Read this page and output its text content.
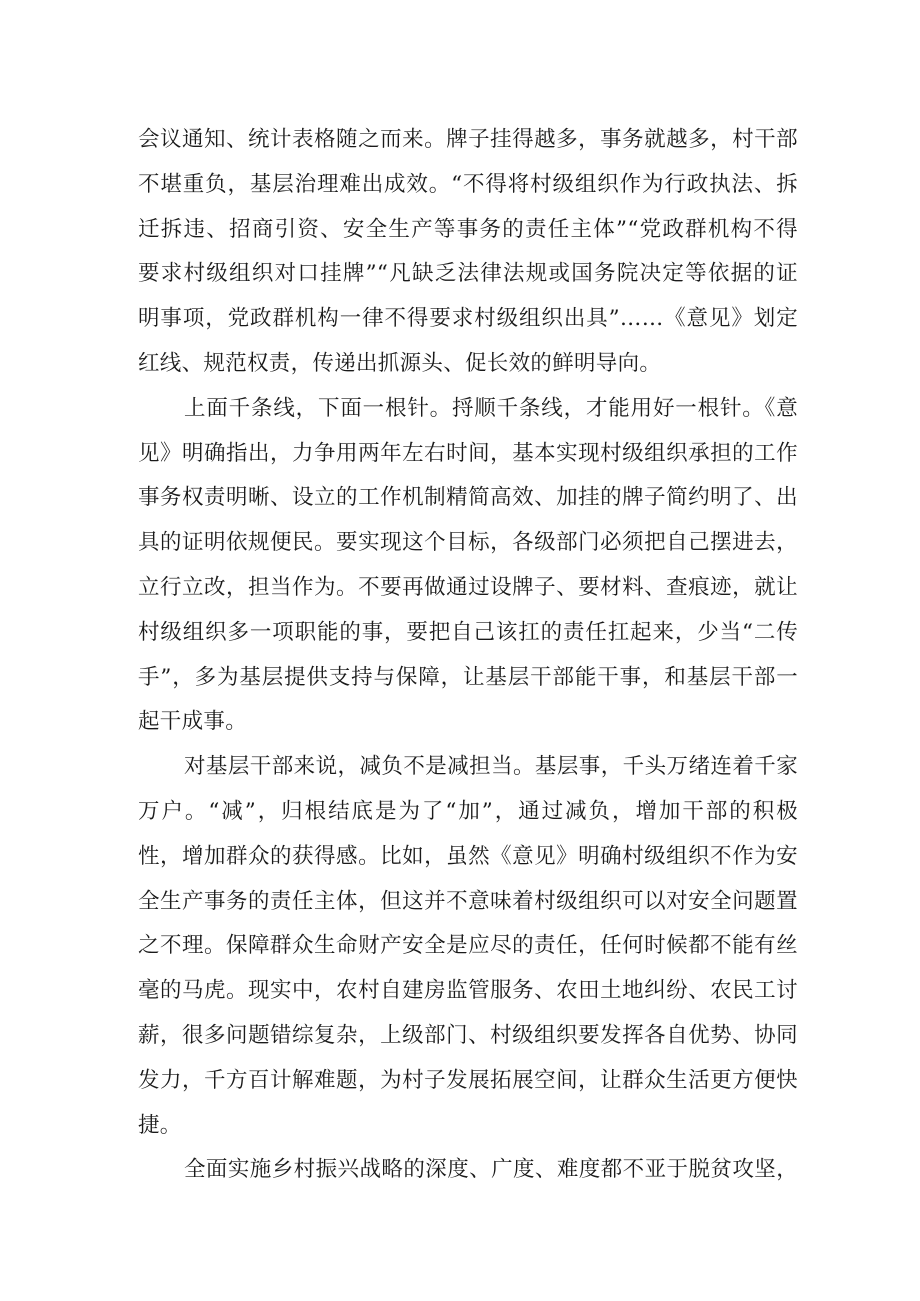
会议通知、统计表格随之而来。牌子挂得越多，事务就越多，村干部
不堪重负，基层治理难出成效。“不得将村级组织作为行政执法、拆
迁拆违、招商引资、安全生产等事务的责任主体”“党政群机构不得
要求村级组织对口挂牌”“凡缺乏法律法规或国务院决定等依据的证
明事项，党政群机构一律不得要求村级组织出具”……《意见》划定
红线、规范权责，传递出抓源头、促长效的鲜明导向。
上面千条线，下面一根针。捋顺千条线，才能用好一根针。《意
见》明确指出，力争用两年左右时间，基本实现村级组织承担的工作
事务权责明晰、设立的工作机制精简高效、加挂的牌子简约明了、出
具的证明依规便民。要实现这个目标，各级部门必须把自己摆进去，
立行立改，担当作为。不要再做通过设牌子、要材料、查痕迹，就让
村级组织多一项职能的事，要把自己该扛的责任扛起来，少当“二传
手”，多为基层提供支持与保障，让基层干部能干事，和基层干部一
起干成事。
对基层干部来说，减负不是减担当。基层事，千头万绪连着千家
万户。“减”，归根结底是为了“加”，通过减负，增加干部的积极
性，增加群众的获得感。比如，虽然《意见》明确村级组织不作为安
全生产事务的责任主体，但这并不意味着村级组织可以对安全问题置
之不理。保障群众生命财产安全是应尽的责任，任何时候都不能有丝
毫的马虎。现实中，农村自建房监管服务、农田土地纠纷、农民工讨
薪，很多问题错综复杂，上级部门、村级组织要发挥各自优势、协同
发力，千方百计解难题，为村子发展拓展空间，让群众生活更方便快
捷。
全面实施乡村振兴战略的深度、广度、难度都不亚于脱贫攻坚，
